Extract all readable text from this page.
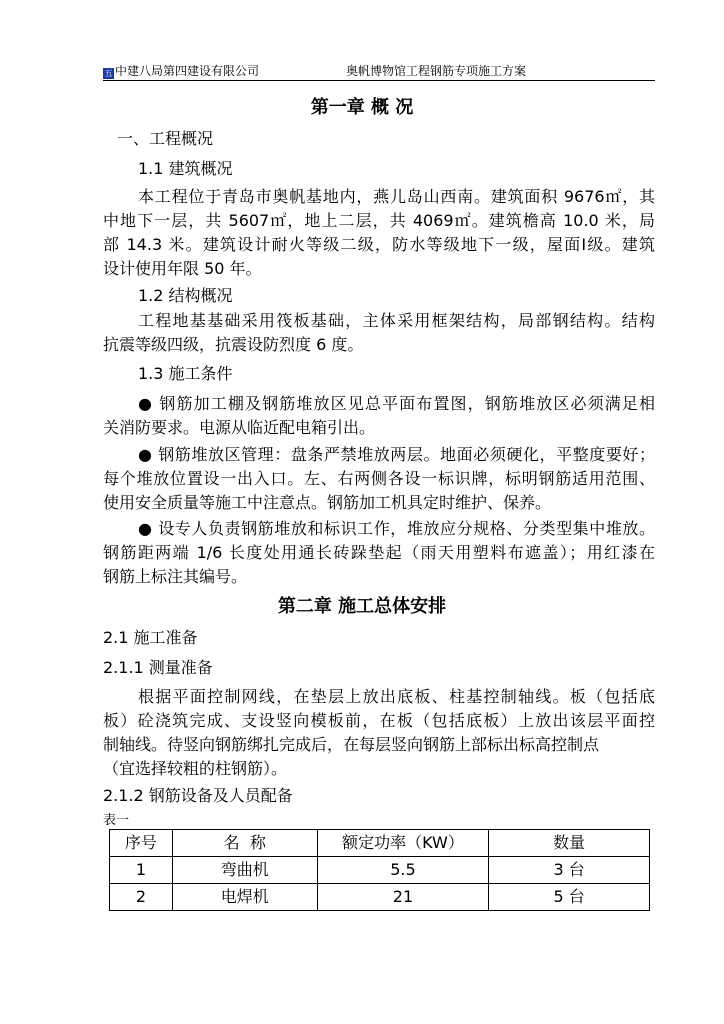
五 中建八局第四建设有限公司	奥帆博物馆工程钢筋专项施工方案
第一章 概 况
一、工程概况
1.1 建筑概况
本工程位于青岛市奥帆基地内，燕儿岛山西南。建筑面积 9676㎡，其
中地下一层，共 5607㎡，地上二层，共 4069㎡。建筑檐高 10.0 米，局
部 14.3 米。建筑设计耐火等级二级，防水等级地下一级，屋面Ⅰ级。建筑
设计使用年限 50 年。
1.2 结构概况
工程地基基础采用筏板基础，主体采用框架结构，局部钢结构。结构
抗震等级四级，抗震设防烈度 6 度。
1.3 施工条件
● 钢筋加工棚及钢筋堆放区见总平面布置图，钢筋堆放区必须满足相
关消防要求。电源从临近配电箱引出。
● 钢筋堆放区管理：盘条严禁堆放两层。地面必须硬化，平整度要好；
每个堆放位置设一出入口。左、右两侧各设一标识牌，标明钢筋适用范围、
使用安全质量等施工中注意点。钢筋加工机具定时维护、保养。
● 设专人负责钢筋堆放和标识工作，堆放应分规格、分类型集中堆放。
钢筋距两端 1/6 长度处用通长砖跺垫起（雨天用塑料布遮盖）；用红漆在
钢筋上标注其编号。
第二章 施工总体安排
2.1 施工准备
2.1.1 测量准备
根据平面控制网线，在垫层上放出底板、柱基控制轴线。板（包括底
板）砼浇筑完成、支设竖向模板前，在板（包括底板）上放出该层平面控
制轴线。待竖向钢筋绑扎完成后，在每层竖向钢筋上部标出标高控制点
（宜选择较粗的柱钢筋）。
2.1.2 钢筋设备及人员配备
表一
序号	名  称	额定功率（KW）	数量
1	弯曲机	5.5	3 台
2	电焊机	21	5 台
